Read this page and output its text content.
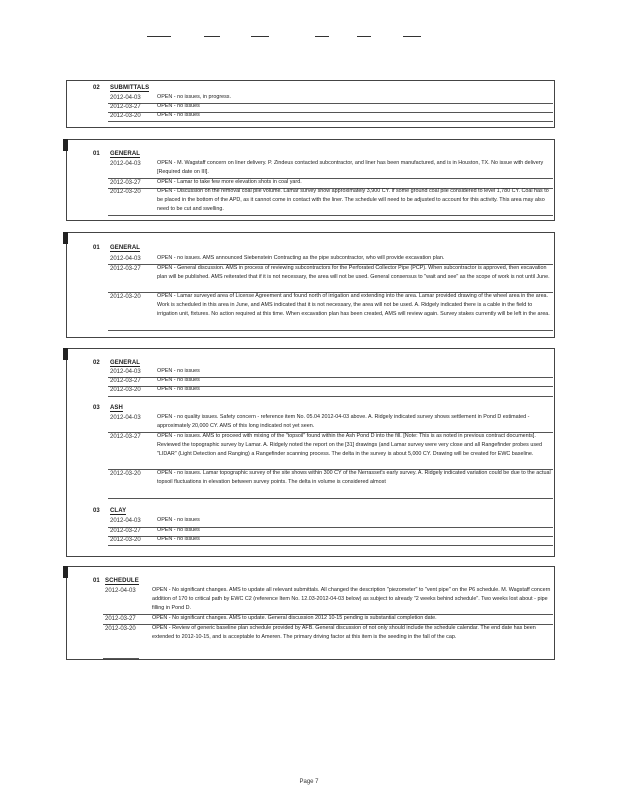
02 SUBMITTALS
2012-04-03	OPEN - no issues, in progress.
2012-03-27	OPEN - no issues
2012-03-20	OPEN - no issues
01 GENERAL
2012-04-03	OPEN - M. Wagstaff concern on liner delivery. P. Zindeus contacted subcontractor, and liner has been manufactured, and is in Houston, TX. No issue with delivery [Required date on III].
2012-03-27	OPEN - Lamar to take few more elevation shots in coal yard.
2012-03-20	OPEN - Discussion on the removal coal pile volume. Lamar survey show approximately 3,900 CY. If some ground coal pile considered to level 1,780 CY. Coal has to be placed in the bottom of the APD, as it cannot come in contact with the liner. The schedule will need to be adjusted to account for this activity. This area may also need to be cut and swelling.
01 GENERAL
2012-04-03	OPEN - no issues. AMS announced Siebenstein Contracting as the pipe subcontractor, who will provide excavation plan.
2012-03-27	OPEN - General discussion. AMS in process of reviewing subcontractors for the Perforated Collector Pipe (PCP). When subcontractor is approved, then excavation plan will be published. AMS reiterated that if it is not necessary, the area will not be used. General consensus to "wait and see" as the scope of work is not until June.
2012-03-20	OPEN - Lamar surveyed area of License Agreement and found north of irrigation and extending into the area. Lamar provided drawing of the wheel area in the area. Work is scheduled in this area in June, and AMS indicated that it is not necessary, the area will not be used. A. Ridgely indicated there is a cable in the field to irrigation unit, fixtures. No action required at this time. When excavation plan has been created, AMS will review again. Survey stakes currently will be left in the area.
02 GENERAL
2012-04-03	OPEN - no issues
2012-03-27	OPEN - no issues
2012-03-20	OPEN - no issues
03 ASH
2012-04-03	OPEN - no quality issues. Safety concern - reference item No. 05.04 2012-04-03 above. A. Ridgely indicated survey shows settlement in Pond D estimated - approximately 20,000 CY. AMS of this long indicated not yet seen.
2012-03-27	OPEN - no issues. AMS to proceed with mixing of the "topsoil" found within the Ash Pond D into the fill. [Note: This is as noted in previous contract documents]. Reviewed the topographic survey by Lamar. A. Ridgely noted the report on the [31] drawings (and Lamar survey were very close and all Rangefinder probes used "LIDAR" (Light Detection and Ranging) a Rangefinder scanning process. The delta in the survey is about 5,000 CY. Drawing will be created for EWC baseline.
2012-03-20	OPEN - no issues. Lamar topographic survey of the site shows within 300 CY of the Nerrasset's early survey. A. Ridgely indicated variation could be due to the actual topsoil fluctuations in elevation between survey points. The delta in volume is considered almost
03 CLAY
2012-04-03	OPEN - no issues
2012-03-27	OPEN - no issues
2012-03-20	OPEN - no issues
01 SCHEDULE
2012-04-03	OPEN - No significant changes. AMS to update all relevant submittals. All changed the description "piezometer" to "vent pipe" on the P6 schedule. M. Wagstaff concern addition of 170 to critical path by EWC C2 (reference Item No. 12.03-2012-04-03 below) as subject to already "2 weeks behind schedule". Two weeks lost about - pipe filling in Pond D.
2012-03-27	OPEN - No significant changes. AMS to update. General discussion 2012 10-15 pending is substantial completion date.
2012-03-20	OPEN - Review of generic baseline plan schedule provided by AFB. General discussion of not only should include the schedule calendar. The end date has been extended to 2012-10-15, and is acceptable to Ameren. The primary driving factor at this item is the seeding in the fall of the cap.
Page 7
